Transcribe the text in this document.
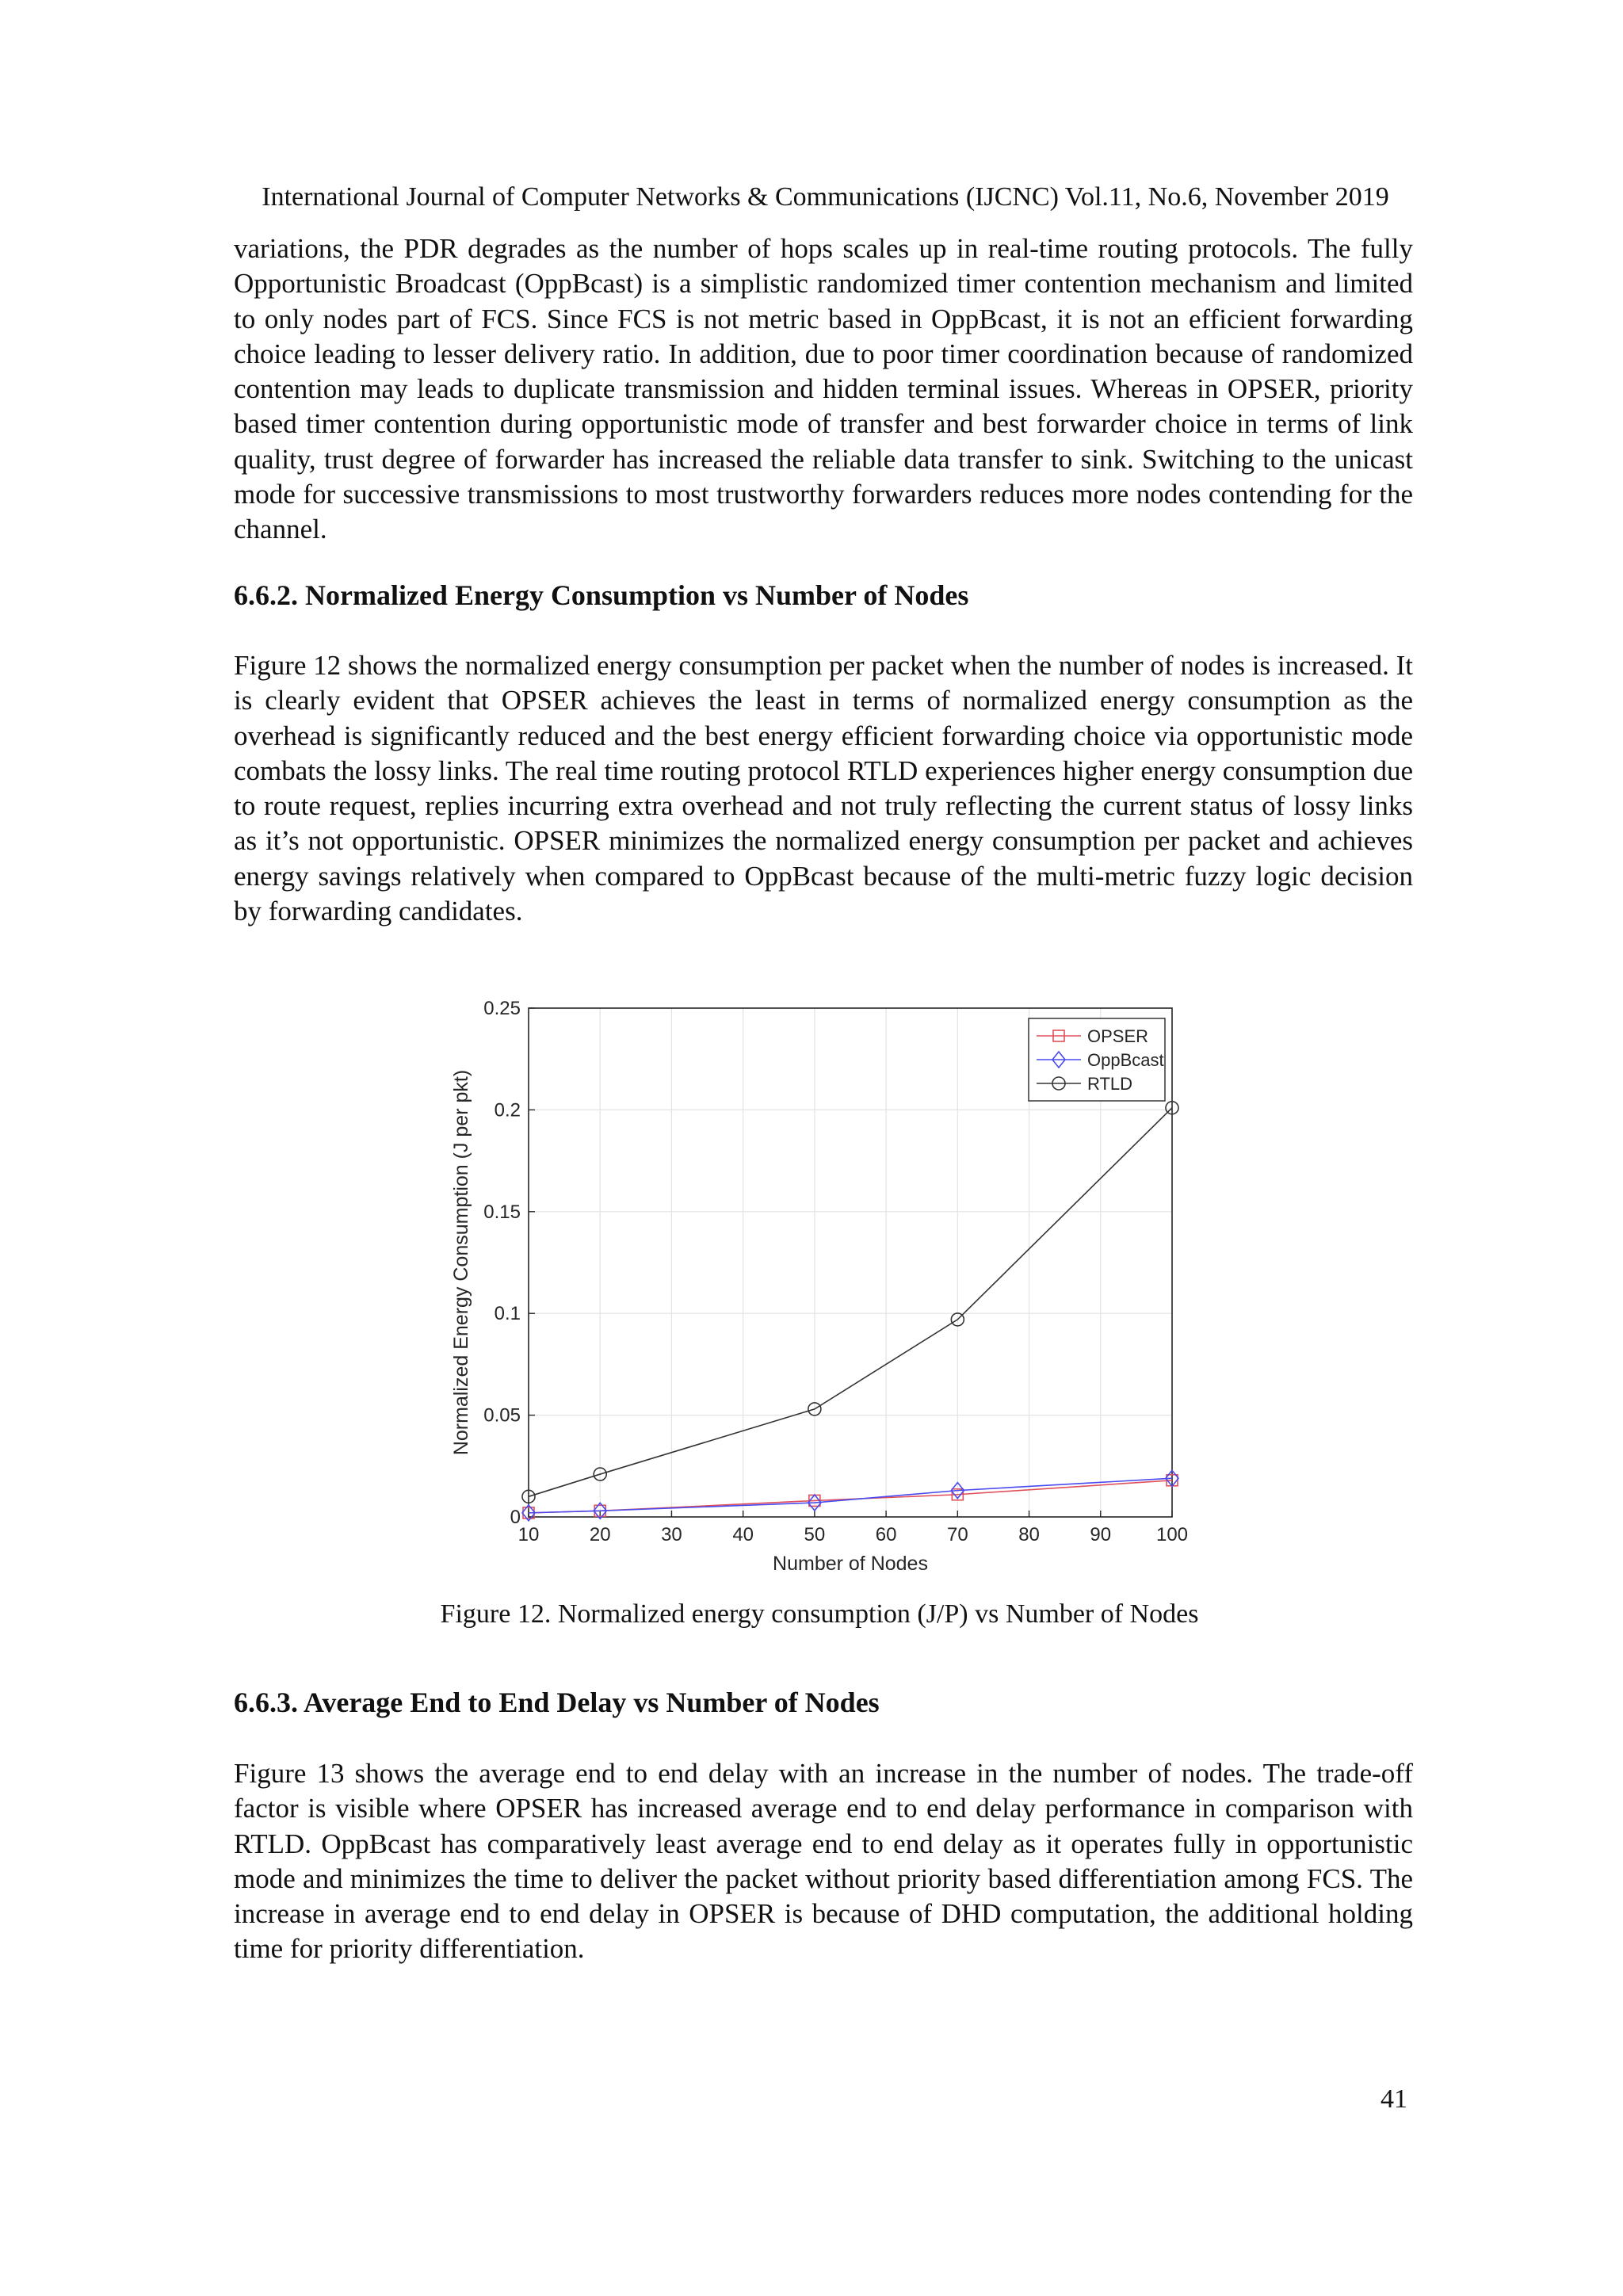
International Journal of Computer Networks & Communications (IJCNC) Vol.11, No.6, November 2019

variations, the PDR degrades as the number of hops scales up in real-time routing protocols. The fully Opportunistic Broadcast (OppBcast) is a simplistic randomized timer contention mechanism and limited to only nodes part of FCS. Since FCS is not metric based in OppBcast, it is not an efficient forwarding choice leading to lesser delivery ratio. In addition, due to poor timer coordination because of randomized contention may leads to duplicate transmission and hidden terminal issues. Whereas in OPSER, priority based timer contention during opportunistic mode of transfer and best forwarder choice in terms of link quality, trust degree of forwarder has increased the reliable data transfer to sink. Switching to the unicast mode for successive transmissions to most trustworthy forwarders reduces more nodes contending for the channel.

6.6.2. Normalized Energy Consumption vs Number of Nodes

Figure 12 shows the normalized energy consumption per packet when the number of nodes is increased. It is clearly evident that OPSER achieves the least in terms of normalized energy consumption as the overhead is significantly reduced and the best energy efficient forwarding choice via opportunistic mode combats the lossy links. The real time routing protocol RTLD experiences higher energy consumption due to route request, replies incurring extra overhead and not truly reflecting the current status of lossy links as it’s not opportunistic. OPSER minimizes the normalized energy consumption per packet and achieves energy savings relatively when compared to OppBcast because of the multi-metric fuzzy logic decision by forwarding candidates.

10	20	30	40	50	60	70	80	90 100
0
0.05
0.1
0.15
0.2
0.25
OPSER
OppBcast
RTLD
Number of Nodes
Normalized Energy Consumption (J per pkt)
Figure 12. Normalized energy consumption (J/P) vs Number of Nodes
6.6.3. Average End to End Delay vs Number of Nodes

Figure 13 shows the average end to end delay with an increase in the number of nodes. The trade-off factor is visible where OPSER has increased average end to end delay performance in comparison with RTLD. OppBcast has comparatively least average end to end delay as it operates fully in opportunistic mode and minimizes the time to deliver the packet without priority based differentiation among FCS. The increase in average end to end delay in OPSER is because of DHD computation, the additional holding time for priority differentiation.

41
